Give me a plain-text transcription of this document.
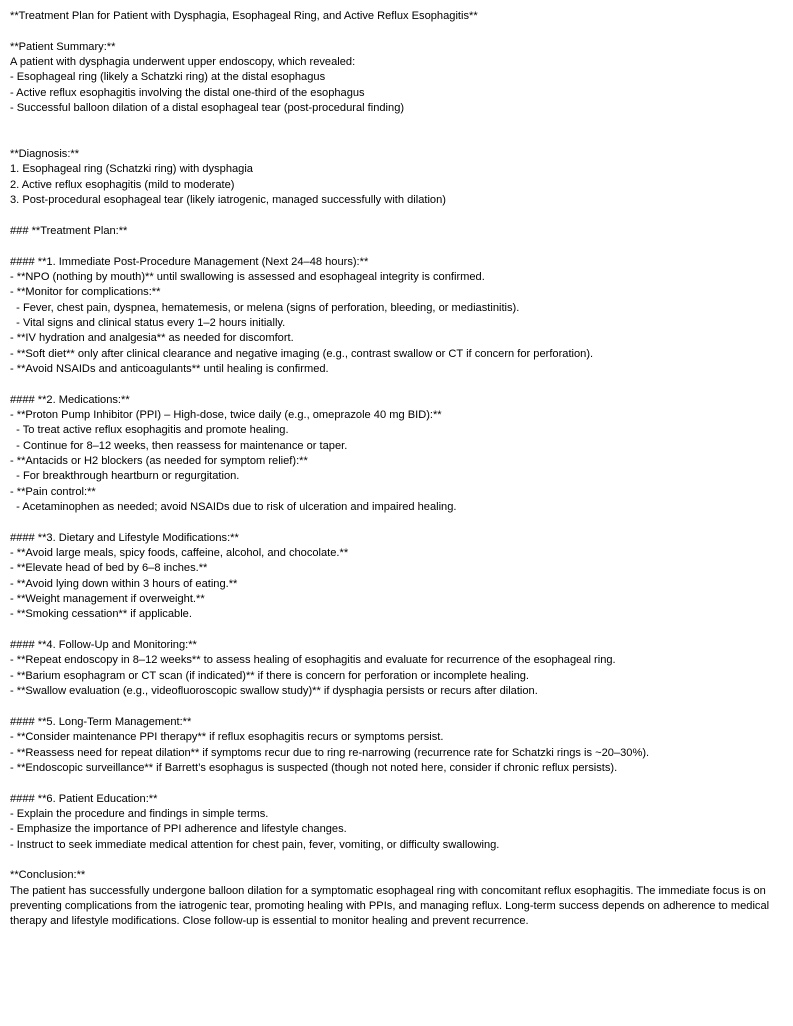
**Treatment Plan for Patient with Dysphagia, Esophageal Ring, and Active Reflux Esophagitis**
**Patient Summary:**
A patient with dysphagia underwent upper endoscopy, which revealed:
- Esophageal ring (likely a Schatzki ring) at the distal esophagus
- Active reflux esophagitis involving the distal one-third of the esophagus
- Successful balloon dilation of a distal esophageal tear (post-procedural finding)
**Diagnosis:**
1. Esophageal ring (Schatzki ring) with dysphagia
2. Active reflux esophagitis (mild to moderate)
3. Post-procedural esophageal tear (likely iatrogenic, managed successfully with dilation)
### **Treatment Plan:**
#### **1. Immediate Post-Procedure Management (Next 24–48 hours):**
- **NPO (nothing by mouth)** until swallowing is assessed and esophageal integrity is confirmed.
- **Monitor for complications:**
- Fever, chest pain, dyspnea, hematemesis, or melena (signs of perforation, bleeding, or mediastinitis).
- Vital signs and clinical status every 1–2 hours initially.
- **IV hydration and analgesia** as needed for discomfort.
- **Soft diet** only after clinical clearance and negative imaging (e.g., contrast swallow or CT if concern for perforation).
- **Avoid NSAIDs and anticoagulants** until healing is confirmed.
#### **2. Medications:**
- **Proton Pump Inhibitor (PPI) – High-dose, twice daily (e.g., omeprazole 40 mg BID):**
- To treat active reflux esophagitis and promote healing.
- Continue for 8–12 weeks, then reassess for maintenance or taper.
- **Antacids or H2 blockers (as needed for symptom relief):**
- For breakthrough heartburn or regurgitation.
- **Pain control:**
- Acetaminophen as needed; avoid NSAIDs due to risk of ulceration and impaired healing.
#### **3. Dietary and Lifestyle Modifications:**
- **Avoid large meals, spicy foods, caffeine, alcohol, and chocolate.**
- **Elevate head of bed by 6–8 inches.**
- **Avoid lying down within 3 hours of eating.**
- **Weight management if overweight.**
- **Smoking cessation** if applicable.
#### **4. Follow-Up and Monitoring:**
- **Repeat endoscopy in 8–12 weeks** to assess healing of esophagitis and evaluate for recurrence of the esophageal ring.
- **Barium esophagram or CT scan (if indicated)** if there is concern for perforation or incomplete healing.
- **Swallow evaluation (e.g., videofluoroscopic swallow study)** if dysphagia persists or recurs after dilation.
#### **5. Long-Term Management:**
- **Consider maintenance PPI therapy** if reflux esophagitis recurs or symptoms persist.
- **Reassess need for repeat dilation** if symptoms recur due to ring re-narrowing (recurrence rate for Schatzki rings is ~20–30%).
- **Endoscopic surveillance** if Barrett’s esophagus is suspected (though not noted here, consider if chronic reflux persists).
#### **6. Patient Education:**
- Explain the procedure and findings in simple terms.
- Emphasize the importance of PPI adherence and lifestyle changes.
- Instruct to seek immediate medical attention for chest pain, fever, vomiting, or difficulty swallowing.
**Conclusion:**

The patient has successfully undergone balloon dilation for a symptomatic esophageal ring with concomitant reflux esophagitis. The immediate focus is on preventing complications from the iatrogenic tear, promoting healing with PPIs, and managing reflux. Long-term success depends on adherence to medical therapy and lifestyle modifications. Close follow-up is essential to monitor healing and prevent recurrence.
